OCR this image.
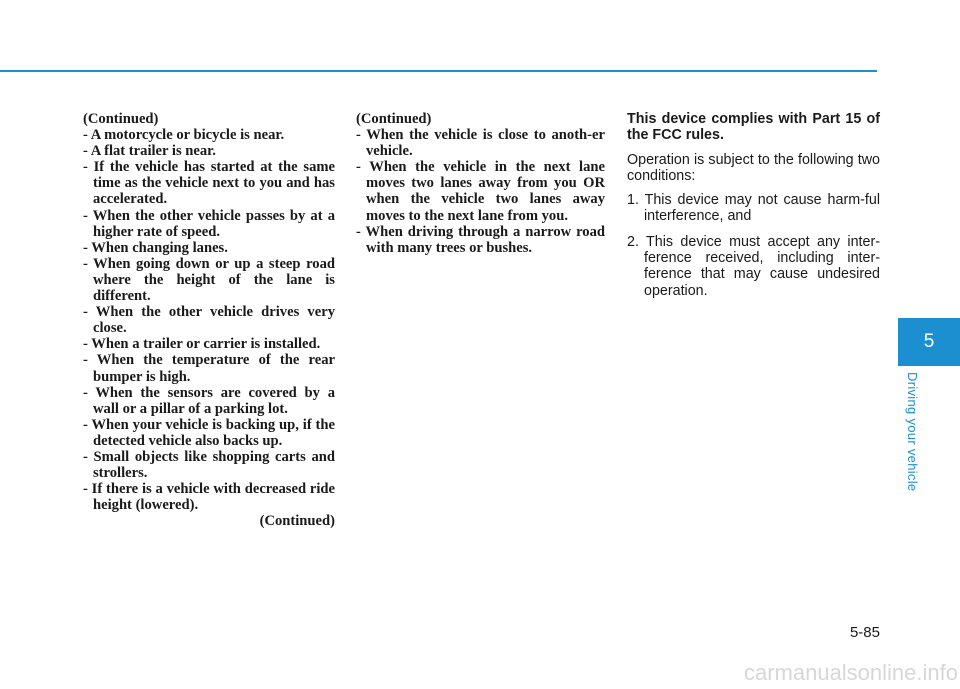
(Continued)

- A motorcycle or bicycle is near.

- A flat trailer is near.

- If the vehicle has started at the same time as the vehicle next to you and has accelerated.

- When the other vehicle passes by at a higher rate of speed.

- When changing lanes.

- When going down or up a steep road where the height of the lane is different.

- When the other vehicle drives very close.

- When a trailer or carrier is installed.

- When the temperature of the rear bumper is high.

- When the sensors are covered by a wall or a pillar of a parking lot.

- When your vehicle is backing up, if the detected vehicle also backs up.

- Small objects like shopping carts and strollers.

- If there is a vehicle with decreased ride height (lowered).

(Continued)

(Continued)

- When the vehicle is close to anoth-er vehicle.

- When the vehicle in the next lane moves two lanes away from you OR when the vehicle two lanes away moves to the next lane from you.

- When driving through a narrow road with many trees or bushes.

This device complies with Part 15 of the FCC rules.

Operation is subject to the following two conditions:

1. This device may not cause harm-ful interference, and

2. This device must accept any inter-ference received, including inter-ference that may cause undesired operation.

5
Driving your vehicle
5-85
carmanualsonline.info
